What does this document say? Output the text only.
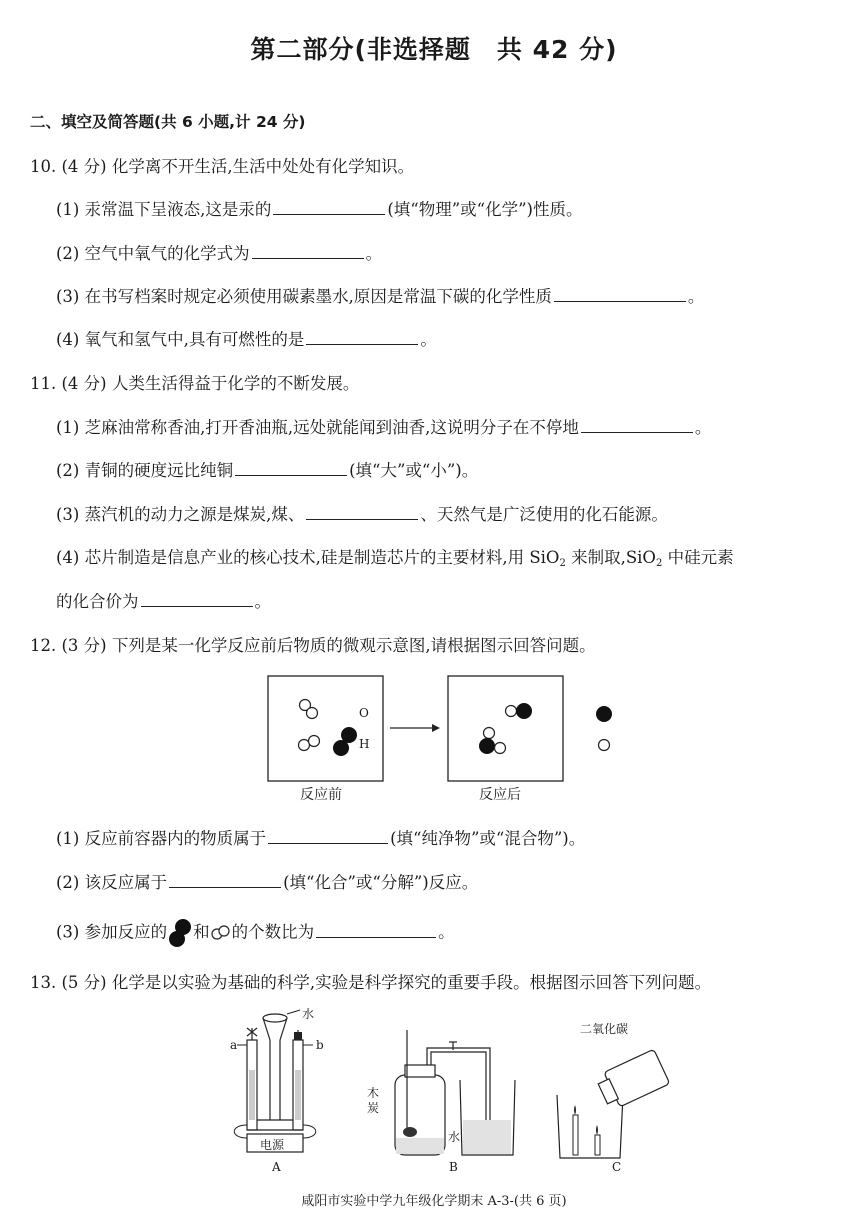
第二部分(非选择题　共 42 分)
二、填空及简答题(共 6 小题,计 24 分)
10. (4 分) 化学离不开生活,生活中处处有化学知识。
(1) 汞常温下呈液态,这是汞的	(填“物理”或“化学”)性质。
(2) 空气中氧气的化学式为	。
(3) 在书写档案时规定必须使用碳素墨水,原因是常温下碳的化学性质	。
(4) 氧气和氢气中,具有可燃性的是	。
11. (4 分) 人类生活得益于化学的不断发展。
(1) 芝麻油常称香油,打开香油瓶,远处就能闻到油香,这说明分子在不停地	。
(2) 青铜的硬度远比纯铜	(填“大”或“小”)。
(3) 蒸汽机的动力之源是煤炭,煤、	、天然气是广泛使用的化石能源。
(4) 芯片制造是信息产业的核心技术,硅是制造芯片的主要材料,用 SiO2 来制取,SiO2 中硅元素
的化合价为	。
12. (3 分) 下列是某一化学反应前后物质的微观示意图,请根据图示回答问题。
O
H
反应前	反应后
(1) 反应前容器内的物质属于	(填“纯净物”或“混合物”)。
(2) 该反应属于	(填“化合”或“分解”)反应。
(3) 参加反应的 和 的个数比为	。
13. (5 分) 化学是以实验为基础的科学,实验是科学探究的重要手段。根据图示回答下列问题。
水
a	b
电源
A
木
炭
水
B
二氧化碳
C
咸阳市实验中学九年级化学期末 A-3-(共 6 页)
